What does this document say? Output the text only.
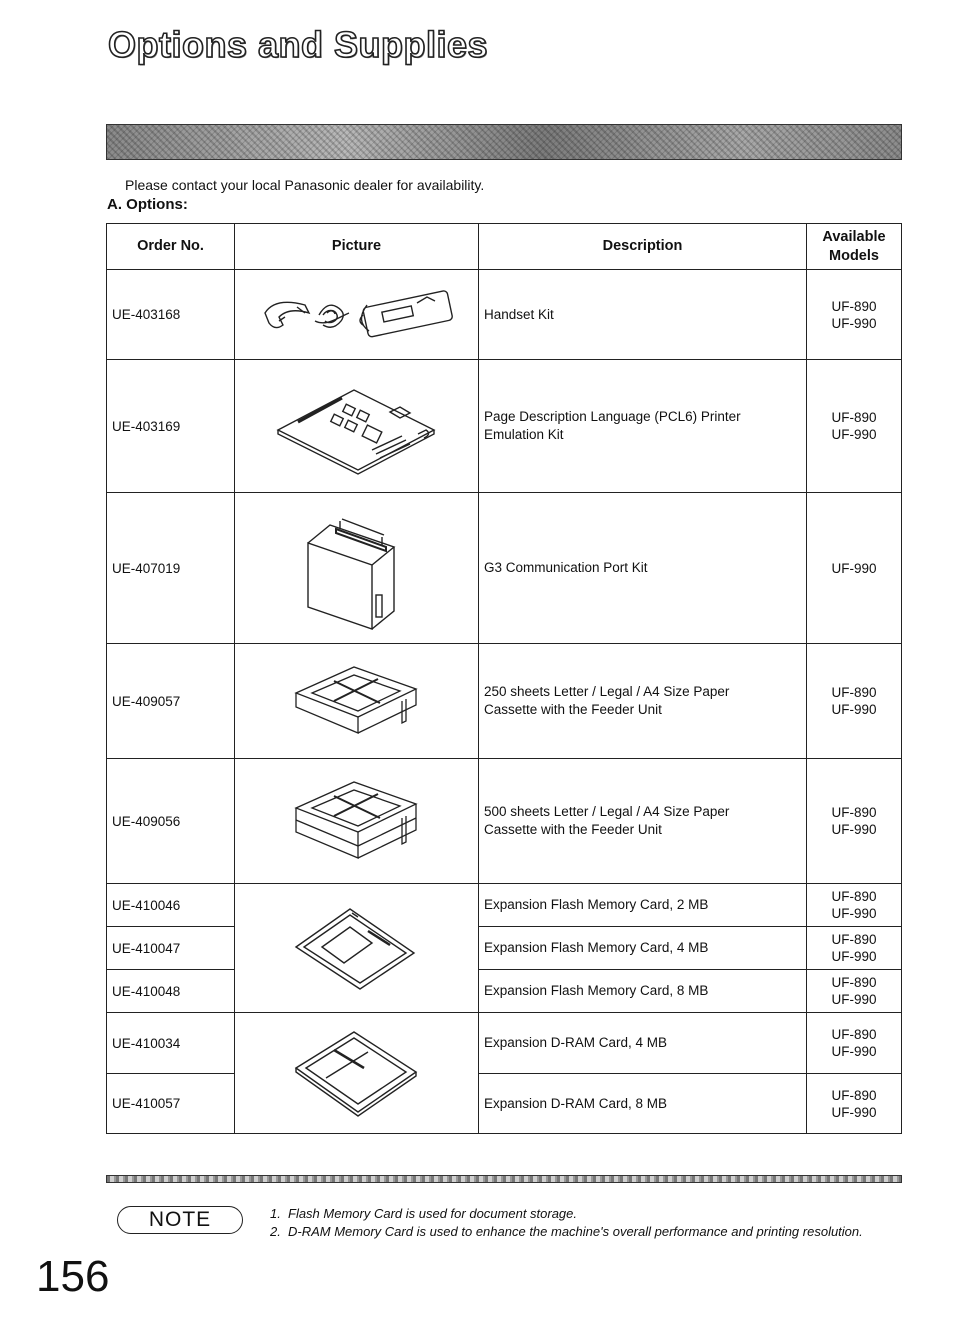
Options and Supplies
Please contact your local Panasonic dealer for availability.
A. Options:
Order No.	Picture	Description	Available
Models

UE-403168		Handset Kit	UF-890
UF-990

UE-403169		Page Description Language (PCL6) Printer
Emulation Kit	UF-890
UF-990

UE-407019		G3 Communication Port Kit	UF-990

UE-409057		250 sheets Letter / Legal / A4 Size Paper
Cassette with the Feeder Unit	UF-890
UF-990

UE-409056		500 sheets Letter / Legal / A4 Size Paper
Cassette with the Feeder Unit	UF-890
UF-990

UE-410046		Expansion Flash Memory Card, 2 MB	UF-890
UF-990

UE-410047		Expansion Flash Memory Card, 4 MB	UF-890
UF-990

UE-410048		Expansion Flash Memory Card, 8 MB	UF-890
UF-990

UE-410034		Expansion D-RAM Card, 4 MB	UF-890
UF-990

UE-410057		Expansion D-RAM Card, 8 MB	UF-890
UF-990
NOTE	1. Flash Memory Card is used for document storage.
2. D-RAM Memory Card is used to enhance the machine's overall performance and printing resolution.
156
